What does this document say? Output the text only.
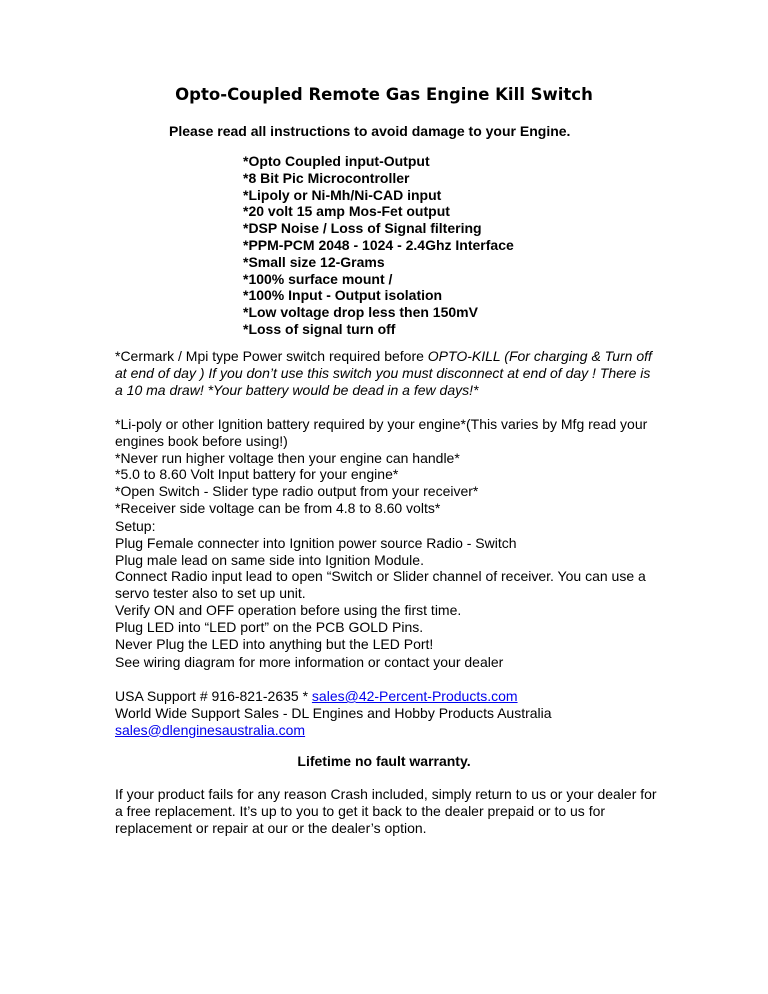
Opto-Coupled Remote Gas Engine Kill Switch

Please read all instructions to avoid damage to your Engine.

*Opto Coupled input-Output
*8 Bit Pic Microcontroller
*Lipoly or Ni-Mh/Ni-CAD input
*20 volt 15 amp Mos-Fet output
*DSP Noise / Loss of Signal filtering
*PPM-PCM 2048 - 1024 - 2.4Ghz Interface
*Small size 12-Grams
*100% surface mount /
*100% Input - Output isolation
*Low voltage drop less then 150mV
*Loss of signal turn off

*Cermark / Mpi type Power switch required before OPTO-KILL (For charging & Turn off at end of day ) If you don’t use this switch you must disconnect at end of day ! There is a 10 ma draw! *Your battery would be dead in a few days!*

*Li-poly or other Ignition battery required by your engine*(This varies by Mfg read your engines book before using!)

*Never run higher voltage then your engine can handle*

*5.0 to 8.60 Volt Input battery for your engine*

*Open Switch - Slider type radio output from your receiver*

*Receiver side voltage can be from 4.8 to 8.60 volts*

Setup:

Plug Female connecter into Ignition power source Radio - Switch

Plug male lead on same side into Ignition Module.

Connect Radio input lead to open “Switch or Slider channel of receiver. You can use a servo tester also to set up unit.

Verify ON and OFF operation before using the first time.

Plug LED into “LED port” on the PCB GOLD Pins.

Never Plug the LED into anything but the LED Port!

See wiring diagram for more information or contact your dealer

USA Support # 916-821-2635 * sales@42-Percent-Products.com

World Wide Support Sales - DL Engines and Hobby Products Australia

sales@dlenginesaustralia.com

Lifetime no fault warranty.

If your product fails for any reason Crash included, simply return to us or your dealer for a free replacement. It’s up to you to get it back to the dealer prepaid or to us for replacement or repair at our or the dealer’s option.
